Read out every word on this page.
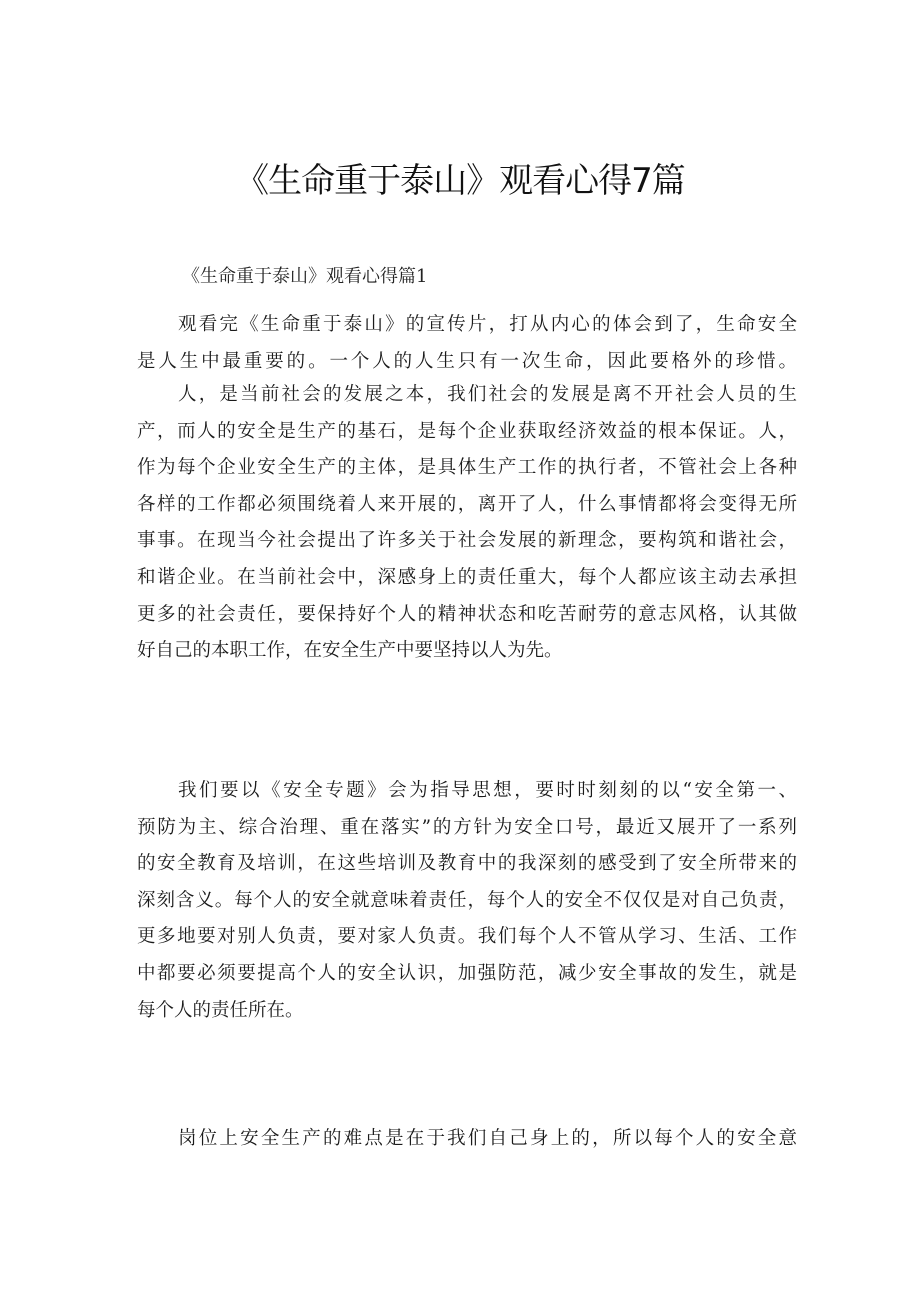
《生命重于泰山》观看心得7篇
《生命重于泰山》观看心得篇1
观看完《生命重于泰山》的宣传片，打从内心的体会到了，生命安全
是人生中最重要的。一个人的人生只有一次生命，因此要格外的珍惜。
人，是当前社会的发展之本，我们社会的发展是离不开社会人员的生
产，而人的安全是生产的基石，是每个企业获取经济效益的根本保证。人，
作为每个企业安全生产的主体，是具体生产工作的执行者，不管社会上各种
各样的工作都必须围绕着人来开展的，离开了人，什么事情都将会变得无所
事事。在现当今社会提出了许多关于社会发展的新理念，要构筑和谐社会，
和谐企业。在当前社会中，深感身上的责任重大，每个人都应该主动去承担
更多的社会责任，要保持好个人的精神状态和吃苦耐劳的意志风格，认其做
好自己的本职工作，在安全生产中要坚持以人为先。
我们要以《安全专题》会为指导思想，要时时刻刻的以“安全第一、
预防为主、综合治理、重在落实”的方针为安全口号，最近又展开了一系列
的安全教育及培训，在这些培训及教育中的我深刻的感受到了安全所带来的
深刻含义。每个人的安全就意味着责任，每个人的安全不仅仅是对自己负责，
更多地要对别人负责，要对家人负责。我们每个人不管从学习、生活、工作
中都要必须要提高个人的安全认识，加强防范，减少安全事故的发生，就是
每个人的责任所在。
岗位上安全生产的难点是在于我们自己身上的，所以每个人的安全意
